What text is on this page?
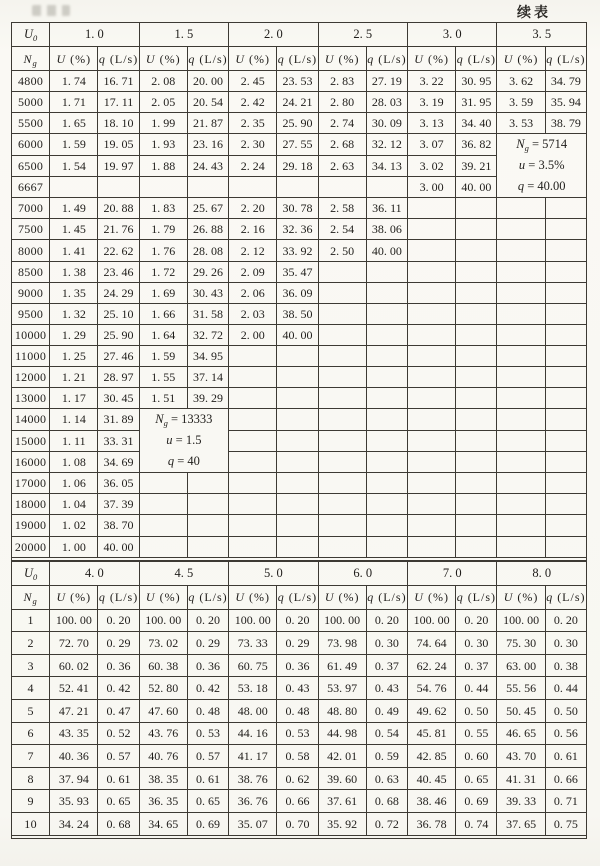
续表
$U_0$	1. 0		1. 5		2. 0		2. 5		3. 0		3. 5	
$N_g$	U (%)	q (L/s)	U (%)	q (L/s)	U (%)	q (L/s)	U (%)	q (L/s)	U (%)	q (L/s)	U (%)	q (L/s)
4800	1. 74	16. 71	2. 08	20. 00	2. 45	23. 53	2. 83	27. 19	3. 22	30. 95	3. 62	34. 79
5000	1. 71	17. 11	2. 05	20. 54	2. 42	24. 21	2. 80	28. 03	3. 19	31. 95	3. 59	35. 94
5500	1. 65	18. 10	1. 99	21. 87	2. 35	25. 90	2. 74	30. 09	3. 13	34. 40	3. 53	38. 79
6000	1. 59	19. 05	1. 93	23. 16	2. 30	27. 55	2. 68	32. 12	3. 07	36. 82	$N_g = 5714$
u = 3.5%
q = 40.00	

6500	1. 54	19. 97	1. 88	24. 43	2. 24	29. 18	2. 63	34. 13	3. 02	39. 21		
6667									3. 00	40. 00		
7000	1. 49	20. 88	1. 83	25. 67	2. 20	30. 78	2. 58	36. 11				
7500	1. 45	21. 76	1. 79	26. 88	2. 16	32. 36	2. 54	38. 06				
8000	1. 41	22. 62	1. 76	28. 08	2. 12	33. 92	2. 50	40. 00				
8500	1. 38	23. 46	1. 72	29. 26	2. 09	35. 47						
9000	1. 35	24. 29	1. 69	30. 43	2. 06	36. 09						
9500	1. 32	25. 10	1. 66	31. 58	2. 03	38. 50						
10000	1. 29	25. 90	1. 64	32. 72	2. 00	40. 00						
11000	1. 25	27. 46	1. 59	34. 95								
12000	1. 21	28. 97	1. 55	37. 14								
13000	1. 17	30. 45	1. 51	39. 29								
14000	1. 14	31. 89	$N_g = 13333$
u = 1.5
q = 40									

15000	1. 11	33. 31										
16000	1. 08	34. 69										
17000	1. 06	36. 05										
18000	1. 04	37. 39										
19000	1. 02	38. 70										
20000	1. 00	40. 00										
$U_0$	4. 0		4. 5		5. 0		6. 0		7. 0		8. 0	
$N_g$	U (%)	q (L/s)	U (%)	q (L/s)	U (%)	q (L/s)	U (%)	q (L/s)	U (%)	q (L/s)	U (%)	q (L/s)
1	100. 00	0. 20	100. 00	0. 20	100. 00	0. 20	100. 00	0. 20	100. 00	0. 20	100. 00	0. 20
2	72. 70	0. 29	73. 02	0. 29	73. 33	0. 29	73. 98	0. 30	74. 64	0. 30	75. 30	0. 30
3	60. 02	0. 36	60. 38	0. 36	60. 75	0. 36	61. 49	0. 37	62. 24	0. 37	63. 00	0. 38
4	52. 41	0. 42	52. 80	0. 42	53. 18	0. 43	53. 97	0. 43	54. 76	0. 44	55. 56	0. 44
5	47. 21	0. 47	47. 60	0. 48	48. 00	0. 48	48. 80	0. 49	49. 62	0. 50	50. 45	0. 50
6	43. 35	0. 52	43. 76	0. 53	44. 16	0. 53	44. 98	0. 54	45. 81	0. 55	46. 65	0. 56
7	40. 36	0. 57	40. 76	0. 57	41. 17	0. 58	42. 01	0. 59	42. 85	0. 60	43. 70	0. 61
8	37. 94	0. 61	38. 35	0. 61	38. 76	0. 62	39. 60	0. 63	40. 45	0. 65	41. 31	0. 66
9	35. 93	0. 65	36. 35	0. 65	36. 76	0. 66	37. 61	0. 68	38. 46	0. 69	39. 33	0. 71
10	34. 24	0. 68	34. 65	0. 69	35. 07	0. 70	35. 92	0. 72	36. 78	0. 74	37. 65	0. 75
